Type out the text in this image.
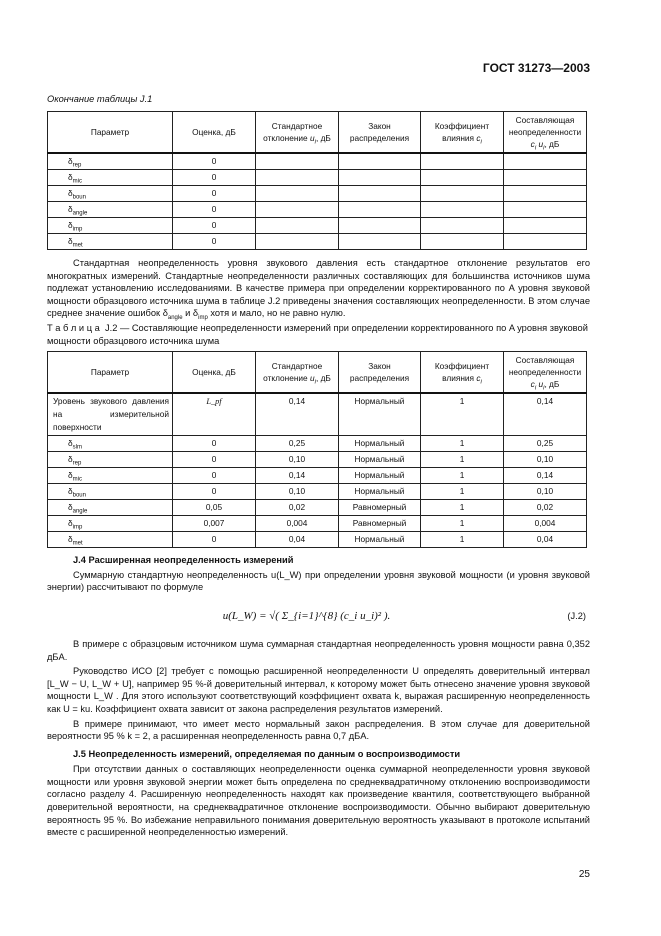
ГОСТ 31273—2003
Окончание таблицы J.1
Параметр	Оценка, дБ	Стандартное отклонение $u_i$, дБ	Закон распределения	Коэффициент влияния $c_i$	Составляющая неопределенности $c_i$ $u_i$, дБ
$\delta_{rep}$	0				
$\delta_{mic}$	0				
$\delta_{boun}$	0				
$\delta_{angle}$	0				
$\delta_{imp}$	0				
$\delta_{met}$	0				

Стандартная неопределенность уровня звукового давления есть стандартное отклонение результатов его многократных измерений. Стандартные неопределенности различных составляющих для большинства источников шума подлежат установлению исследованиями. В качестве примера при определении корректированного по A уровня звуковой мощности образцового источника шума в таблице J.2 приведены значения составляющих неопределенности. В этом случае среднее значение ошибок $\delta_{angle}$ и $\delta_{imp}$ хотя и мало, но не равно нулю.

Т а б л и ц а J.2 — Составляющие неопределенности измерений при определении корректированного по A уровня звуковой мощности образцового источника шума

Параметр	Оценка, дБ	Стандартное отклонение $u_i$, дБ	Закон распределения	Коэффициент влияния $c_i$	Составляющая неопределенности $c_i$ $u_i$, дБ
Уровень звукового давления на измерительной поверхности	L_pf	0,14	Нормальный	1	0,14
$\delta_{slm}$	0	0,25	Нормальный	1	0,25
$\delta_{rep}$	0	0,10	Нормальный	1	0,10
$\delta_{mic}$	0	0,14	Нормальный	1	0,14
$\delta_{boun}$	0	0,10	Нормальный	1	0,10
$\delta_{angle}$	0,05	0,02	Равномерный	1	0,02
$\delta_{imp}$	0,007	0,004	Равномерный	1	0,004
$\delta_{met}$	0	0,04	Нормальный	1	0,04

J.4 Расширенная неопределенность измерений

Суммарную стандартную неопределенность u(L_W) при определении уровня звуковой мощности (и уровня звуковой энергии) рассчитывают по формуле

u(L_W) = √( Σ_{i=1}^{8} (c_i u_i)² ).	(J.2)

В примере с образцовым источником шума суммарная стандартная неопределенность уровня мощности равна 0,352 дБA.

Руководство ИСО [2] требует с помощью расширенной неопределенности U определять доверительный интервал [L_W − U, L_W + U], например 95 %-й доверительный интервал, к которому может быть отнесено значение уровня звуковой мощности L_W . Для этого используют соответствующий коэффициент охвата k, выражая расширенную неопределенность как U = ku. Коэффициент охвата зависит от закона распределения результатов измерений.

В примере принимают, что имеет место нормальный закон распределения. В этом случае для доверительной вероятности 95 % k = 2, а расширенная неопределенность равна 0,7 дБA.

J.5 Неопределенность измерений, определяемая по данным о воспроизводимости

При отсутствии данных о составляющих неопределенности оценка суммарной неопределенности уровня звуковой мощности или уровня звуковой энергии может быть определена по среднеквадратичному отклонению воспроизводимости согласно разделу 4. Расширенную неопределенность находят как произведение квантиля, соответствующего выбранной доверительной вероятности, на среднеквадратичное отклонение воспроизводимости. Обычно выбирают доверительную вероятность 95 %. Во избежание неправильного понимания доверительную вероятность указывают в протоколе испытаний вместе с расширенной неопределенностью измерений.

25
